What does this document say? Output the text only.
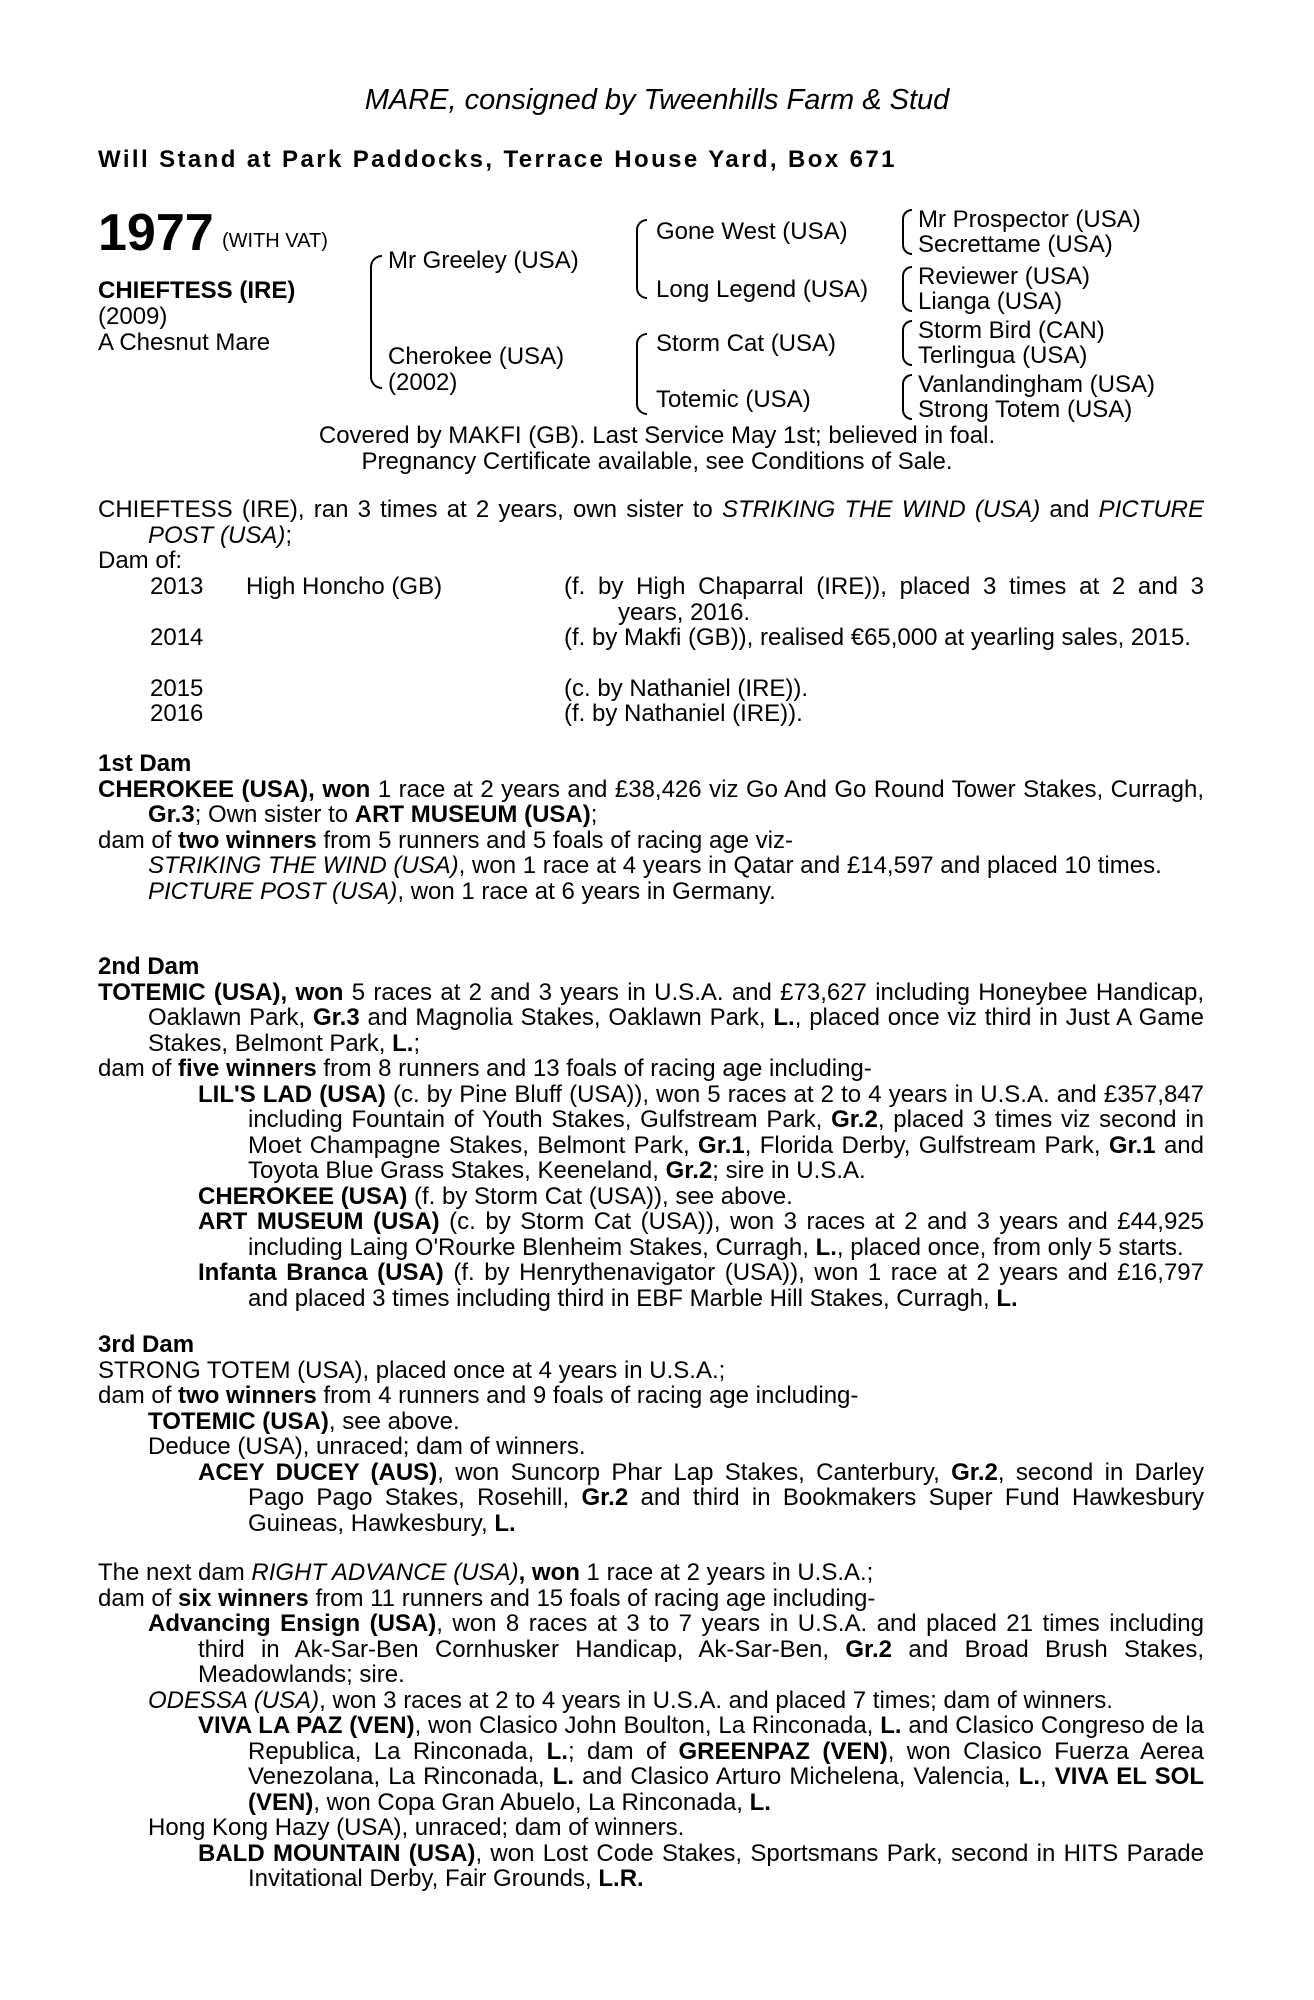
MARE, consigned by Tweenhills Farm & Stud
Will Stand at Park Paddocks, Terrace House Yard, Box 671
1977 (WITH VAT)
CHIEFTESS (IRE)
(2009)
A Chesnut Mare
Mr Greeley (USA)
Cherokee (USA)
(2002)
Gone West (USA)
Long Legend (USA)
Storm Cat (USA)
Totemic (USA)
Mr Prospector (USA)
Secrettame (USA)
Reviewer (USA)
Lianga (USA)
Storm Bird (CAN)
Terlingua (USA)
Vanlandingham (USA)
Strong Totem (USA)
Covered by MAKFI (GB). Last Service May 1st; believed in foal.
Pregnancy Certificate available, see Conditions of Sale.
CHIEFTESS (IRE), ran 3 times at 2 years, own sister to STRIKING THE WIND (USA) and PICTURE POST (USA);
Dam of:
2013 High Honcho (GB)	(f. by High Chaparral (IRE)), placed 3 times at 2 and 3 years, 2016.
2014	(f. by Makfi (GB)), realised €65,000 at yearling sales, 2015.
2015	(c. by Nathaniel (IRE)).
2016	(f. by Nathaniel (IRE)).
1st Dam
CHEROKEE (USA), won 1 race at 2 years and £38,426 viz Go And Go Round Tower Stakes, Curragh, Gr.3; Own sister to ART MUSEUM (USA);
dam of two winners from 5 runners and 5 foals of racing age viz-
STRIKING THE WIND (USA), won 1 race at 4 years in Qatar and £14,597 and placed 10 times.
PICTURE POST (USA), won 1 race at 6 years in Germany.
2nd Dam
TOTEMIC (USA), won 5 races at 2 and 3 years in U.S.A. and £73,627 including Honeybee Handicap, Oaklawn Park, Gr.3 and Magnolia Stakes, Oaklawn Park, L., placed once viz third in Just A Game Stakes, Belmont Park, L.;
dam of five winners from 8 runners and 13 foals of racing age including-
LIL'S LAD (USA) (c. by Pine Bluff (USA)), won 5 races at 2 to 4 years in U.S.A. and £357,847 including Fountain of Youth Stakes, Gulfstream Park, Gr.2, placed 3 times viz second in Moet Champagne Stakes, Belmont Park, Gr.1, Florida Derby, Gulfstream Park, Gr.1 and Toyota Blue Grass Stakes, Keeneland, Gr.2; sire in U.S.A.
CHEROKEE (USA) (f. by Storm Cat (USA)), see above.
ART MUSEUM (USA) (c. by Storm Cat (USA)), won 3 races at 2 and 3 years and £44,925 including Laing O'Rourke Blenheim Stakes, Curragh, L., placed once, from only 5 starts.
Infanta Branca (USA) (f. by Henrythenavigator (USA)), won 1 race at 2 years and £16,797 and placed 3 times including third in EBF Marble Hill Stakes, Curragh, L.
3rd Dam
STRONG TOTEM (USA), placed once at 4 years in U.S.A.;
dam of two winners from 4 runners and 9 foals of racing age including-
TOTEMIC (USA), see above.
Deduce (USA), unraced; dam of winners.
ACEY DUCEY (AUS), won Suncorp Phar Lap Stakes, Canterbury, Gr.2, second in Darley Pago Pago Stakes, Rosehill, Gr.2 and third in Bookmakers Super Fund Hawkesbury Guineas, Hawkesbury, L.
The next dam RIGHT ADVANCE (USA), won 1 race at 2 years in U.S.A.;
dam of six winners from 11 runners and 15 foals of racing age including-
Advancing Ensign (USA), won 8 races at 3 to 7 years in U.S.A. and placed 21 times including third in Ak-Sar-Ben Cornhusker Handicap, Ak-Sar-Ben, Gr.2 and Broad Brush Stakes, Meadowlands; sire.
ODESSA (USA), won 3 races at 2 to 4 years in U.S.A. and placed 7 times; dam of winners.
VIVA LA PAZ (VEN), won Clasico John Boulton, La Rinconada, L. and Clasico Congreso de la Republica, La Rinconada, L.; dam of GREENPAZ (VEN), won Clasico Fuerza Aerea Venezolana, La Rinconada, L. and Clasico Arturo Michelena, Valencia, L., VIVA EL SOL (VEN), won Copa Gran Abuelo, La Rinconada, L.
Hong Kong Hazy (USA), unraced; dam of winners.
BALD MOUNTAIN (USA), won Lost Code Stakes, Sportsmans Park, second in HITS Parade Invitational Derby, Fair Grounds, L.R.
